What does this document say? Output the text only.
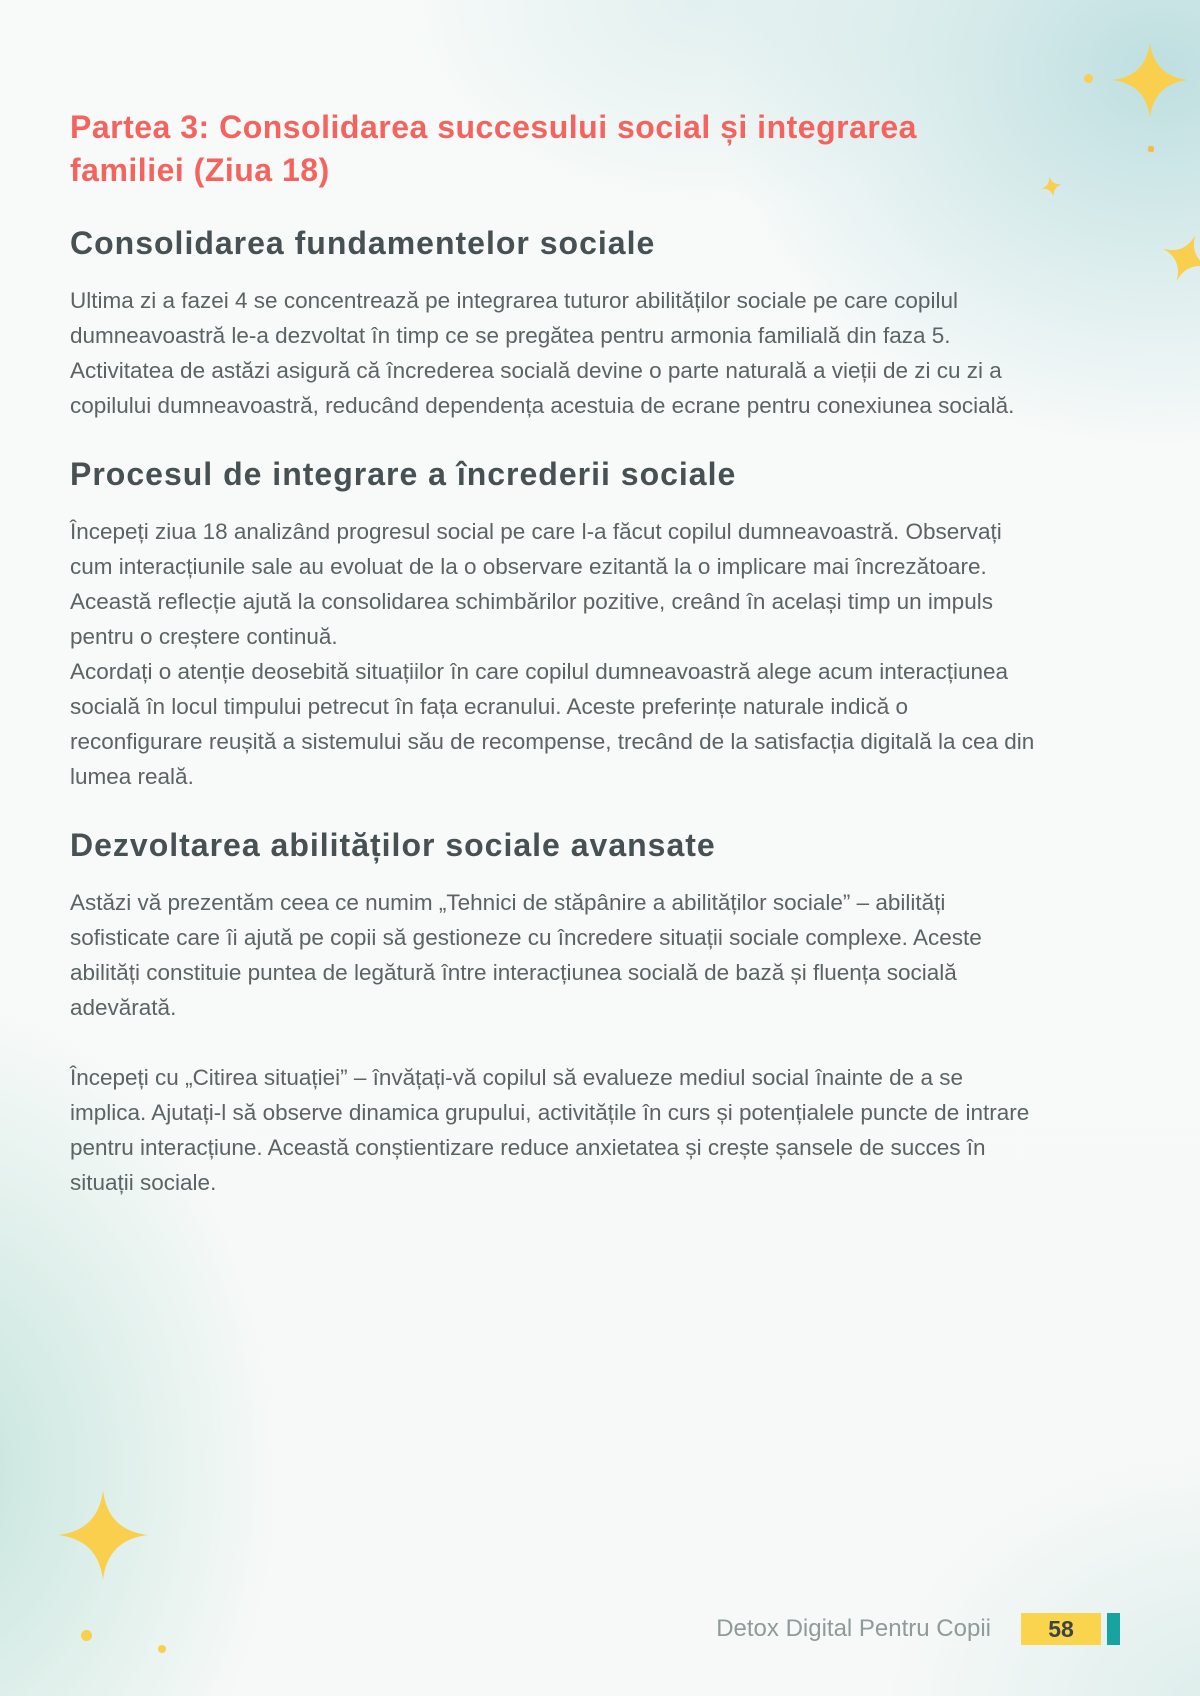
Partea 3: Consolidarea succesului social și integrarea familiei (Ziua 18)
Consolidarea fundamentelor sociale

Ultima zi a fazei 4 se concentrează pe integrarea tuturor abilităților sociale pe care copilul dumneavoastră le-a dezvoltat în timp ce se pregătea pentru armonia familială din faza 5. Activitatea de astăzi asigură că încrederea socială devine o parte naturală a vieții de zi cu zi a copilului dumneavoastră, reducând dependența acestuia de ecrane pentru conexiunea socială.

Procesul de integrare a încrederii sociale

Începeți ziua 18 analizând progresul social pe care l-a făcut copilul dumneavoastră. Observați cum interacțiunile sale au evoluat de la o observare ezitantă la o implicare mai încrezătoare. Această reflecție ajută la consolidarea schimbărilor pozitive, creând în același timp un impuls pentru o creștere continuă.

Acordați o atenție deosebită situațiilor în care copilul dumneavoastră alege acum interacțiunea socială în locul timpului petrecut în fața ecranului. Aceste preferințe naturale indică o reconfigurare reușită a sistemului său de recompense, trecând de la satisfacția digitală la cea din lumea reală.

Dezvoltarea abilităților sociale avansate

Astăzi vă prezentăm ceea ce numim „Tehnici de stăpânire a abilităților sociale” – abilități sofisticate care îi ajută pe copii să gestioneze cu încredere situații sociale complexe. Aceste abilități constituie puntea de legătură între interacțiunea socială de bază și fluența socială adevărată.

Începeți cu „Citirea situației” – învățați-vă copilul să evalueze mediul social înainte de a se implica. Ajutați-l să observe dinamica grupului, activitățile în curs și potențialele puncte de intrare pentru interacțiune. Această conștientizare reduce anxietatea și crește șansele de succes în situații sociale.

Detox Digital Pentru Copii	58
